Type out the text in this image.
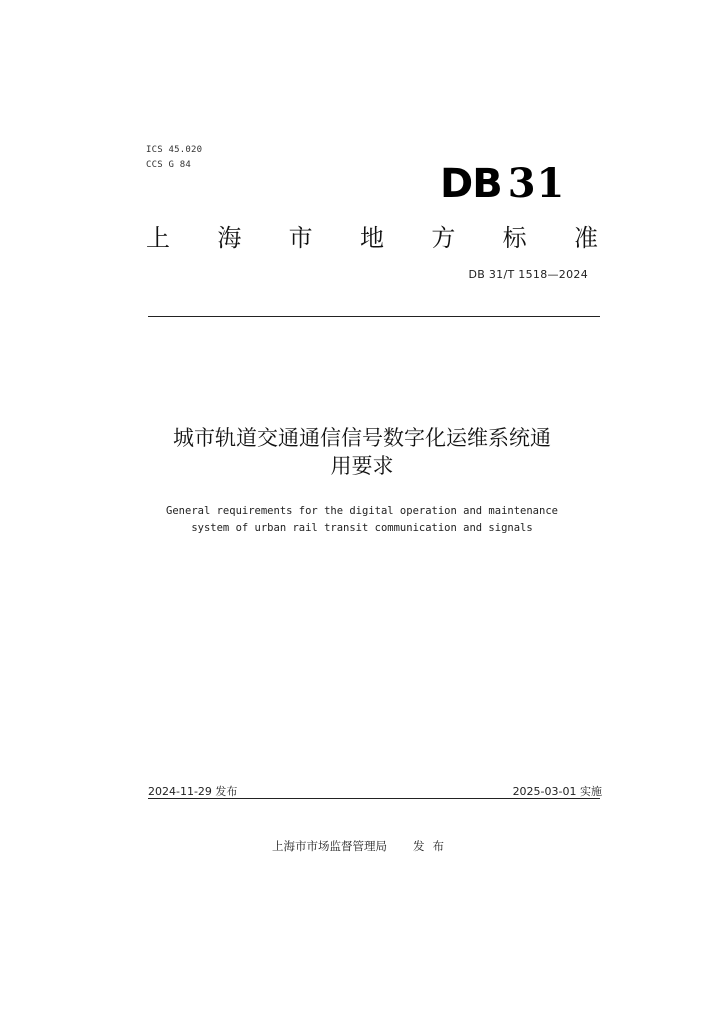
ICS 45.020
CCS G 84	DB 31
上 海 市 地 方 标 准
DB 31/T 1518—2024
城市轨道交通通信信号数字化运维系统通
用要求
General requirements for the digital operation and maintenance
system of urban rail transit communication and signals
2024-11-29 发布	2025-03-01 实施
上海市市场监督管理局 发布
